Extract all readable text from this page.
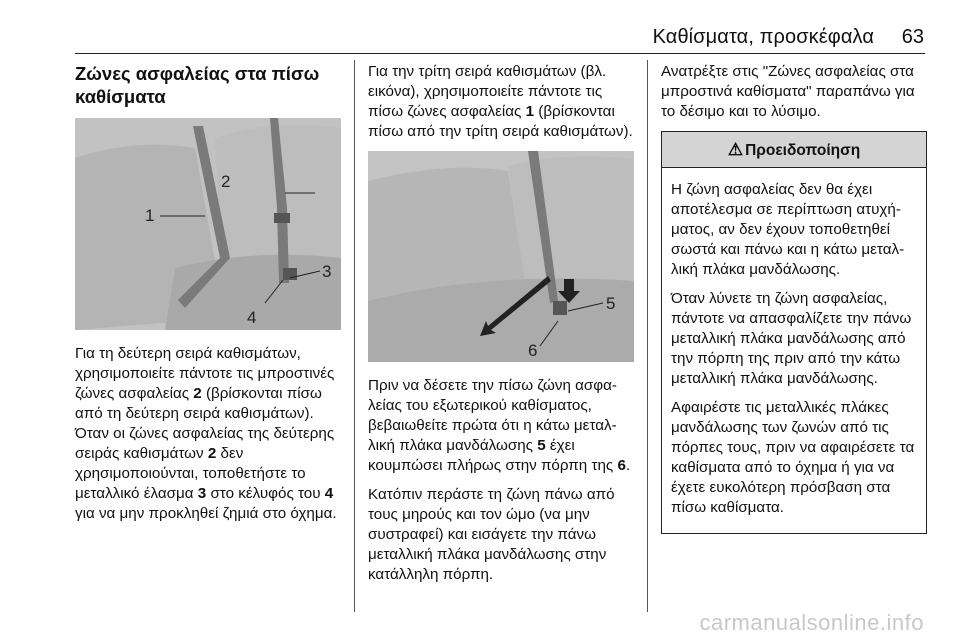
Καθίσματα, προσκέφαλα 63
Ζώνες ασφαλείας στα πίσω καθίσματα
2
1
3
4

Για τη δεύτερη σειρά καθισμάτων, χρησιμοποιείτε πάντοτε τις μπροστινές ζώνες ασφαλείας 2 (βρίσκονται πίσω από τη δεύτερη σειρά καθισμάτων). Όταν οι ζώνες ασφαλείας της δεύτερης σειράς καθισμάτων 2 δεν χρησιμοποιούνται, τοποθετήστε το μεταλλικό έλασμα 3 στο κέλυφός του 4 για να μην προκληθεί ζημιά στο όχημα.

Για την τρίτη σειρά καθισμάτων (βλ. εικόνα), χρησιμοποιείτε πάντοτε τις πίσω ζώνες ασφαλείας 1 (βρίσκονται πίσω από την τρίτη σειρά καθισμάτων).

5
6

Πριν να δέσετε την πίσω ζώνη ασφαλείας του εξωτερικού καθίσματος, βεβαιωθείτε πρώτα ότι η κάτω μεταλλική πλάκα μανδάλωσης 5 έχει κουμπώσει πλήρως στην πόρπη της 6.

Κατόπιν περάστε τη ζώνη πάνω από τους μηρούς και τον ώμο (να μην συστραφεί) και εισάγετε την πάνω μεταλλική πλάκα μανδάλωσης στην κατάλληλη πόρπη.

Ανατρέξτε στις "Ζώνες ασφαλείας στα μπροστινά καθίσματα" παραπάνω για το δέσιμο και το λύσιμο.

⚠ Προειδοποίηση

Η ζώνη ασφαλείας δεν θα έχει αποτέλεσμα σε περίπτωση ατυχήματος, αν δεν έχουν τοποθετηθεί σωστά και πάνω και η κάτω μεταλλική πλάκα μανδάλωσης.

Όταν λύνετε τη ζώνη ασφαλείας, πάντοτε να απασφαλίζετε την πάνω μεταλλική πλάκα μανδάλωσης από την πόρπη της πριν από την κάτω μεταλλική πλάκα μανδάλωσης.

Αφαιρέστε τις μεταλλικές πλάκες μανδάλωσης των ζωνών από τις πόρπες τους, πριν να αφαιρέσετε τα καθίσματα από το όχημα ή για να έχετε ευκολότερη πρόσβαση στα πίσω καθίσματα.

carmanualsonline.info
